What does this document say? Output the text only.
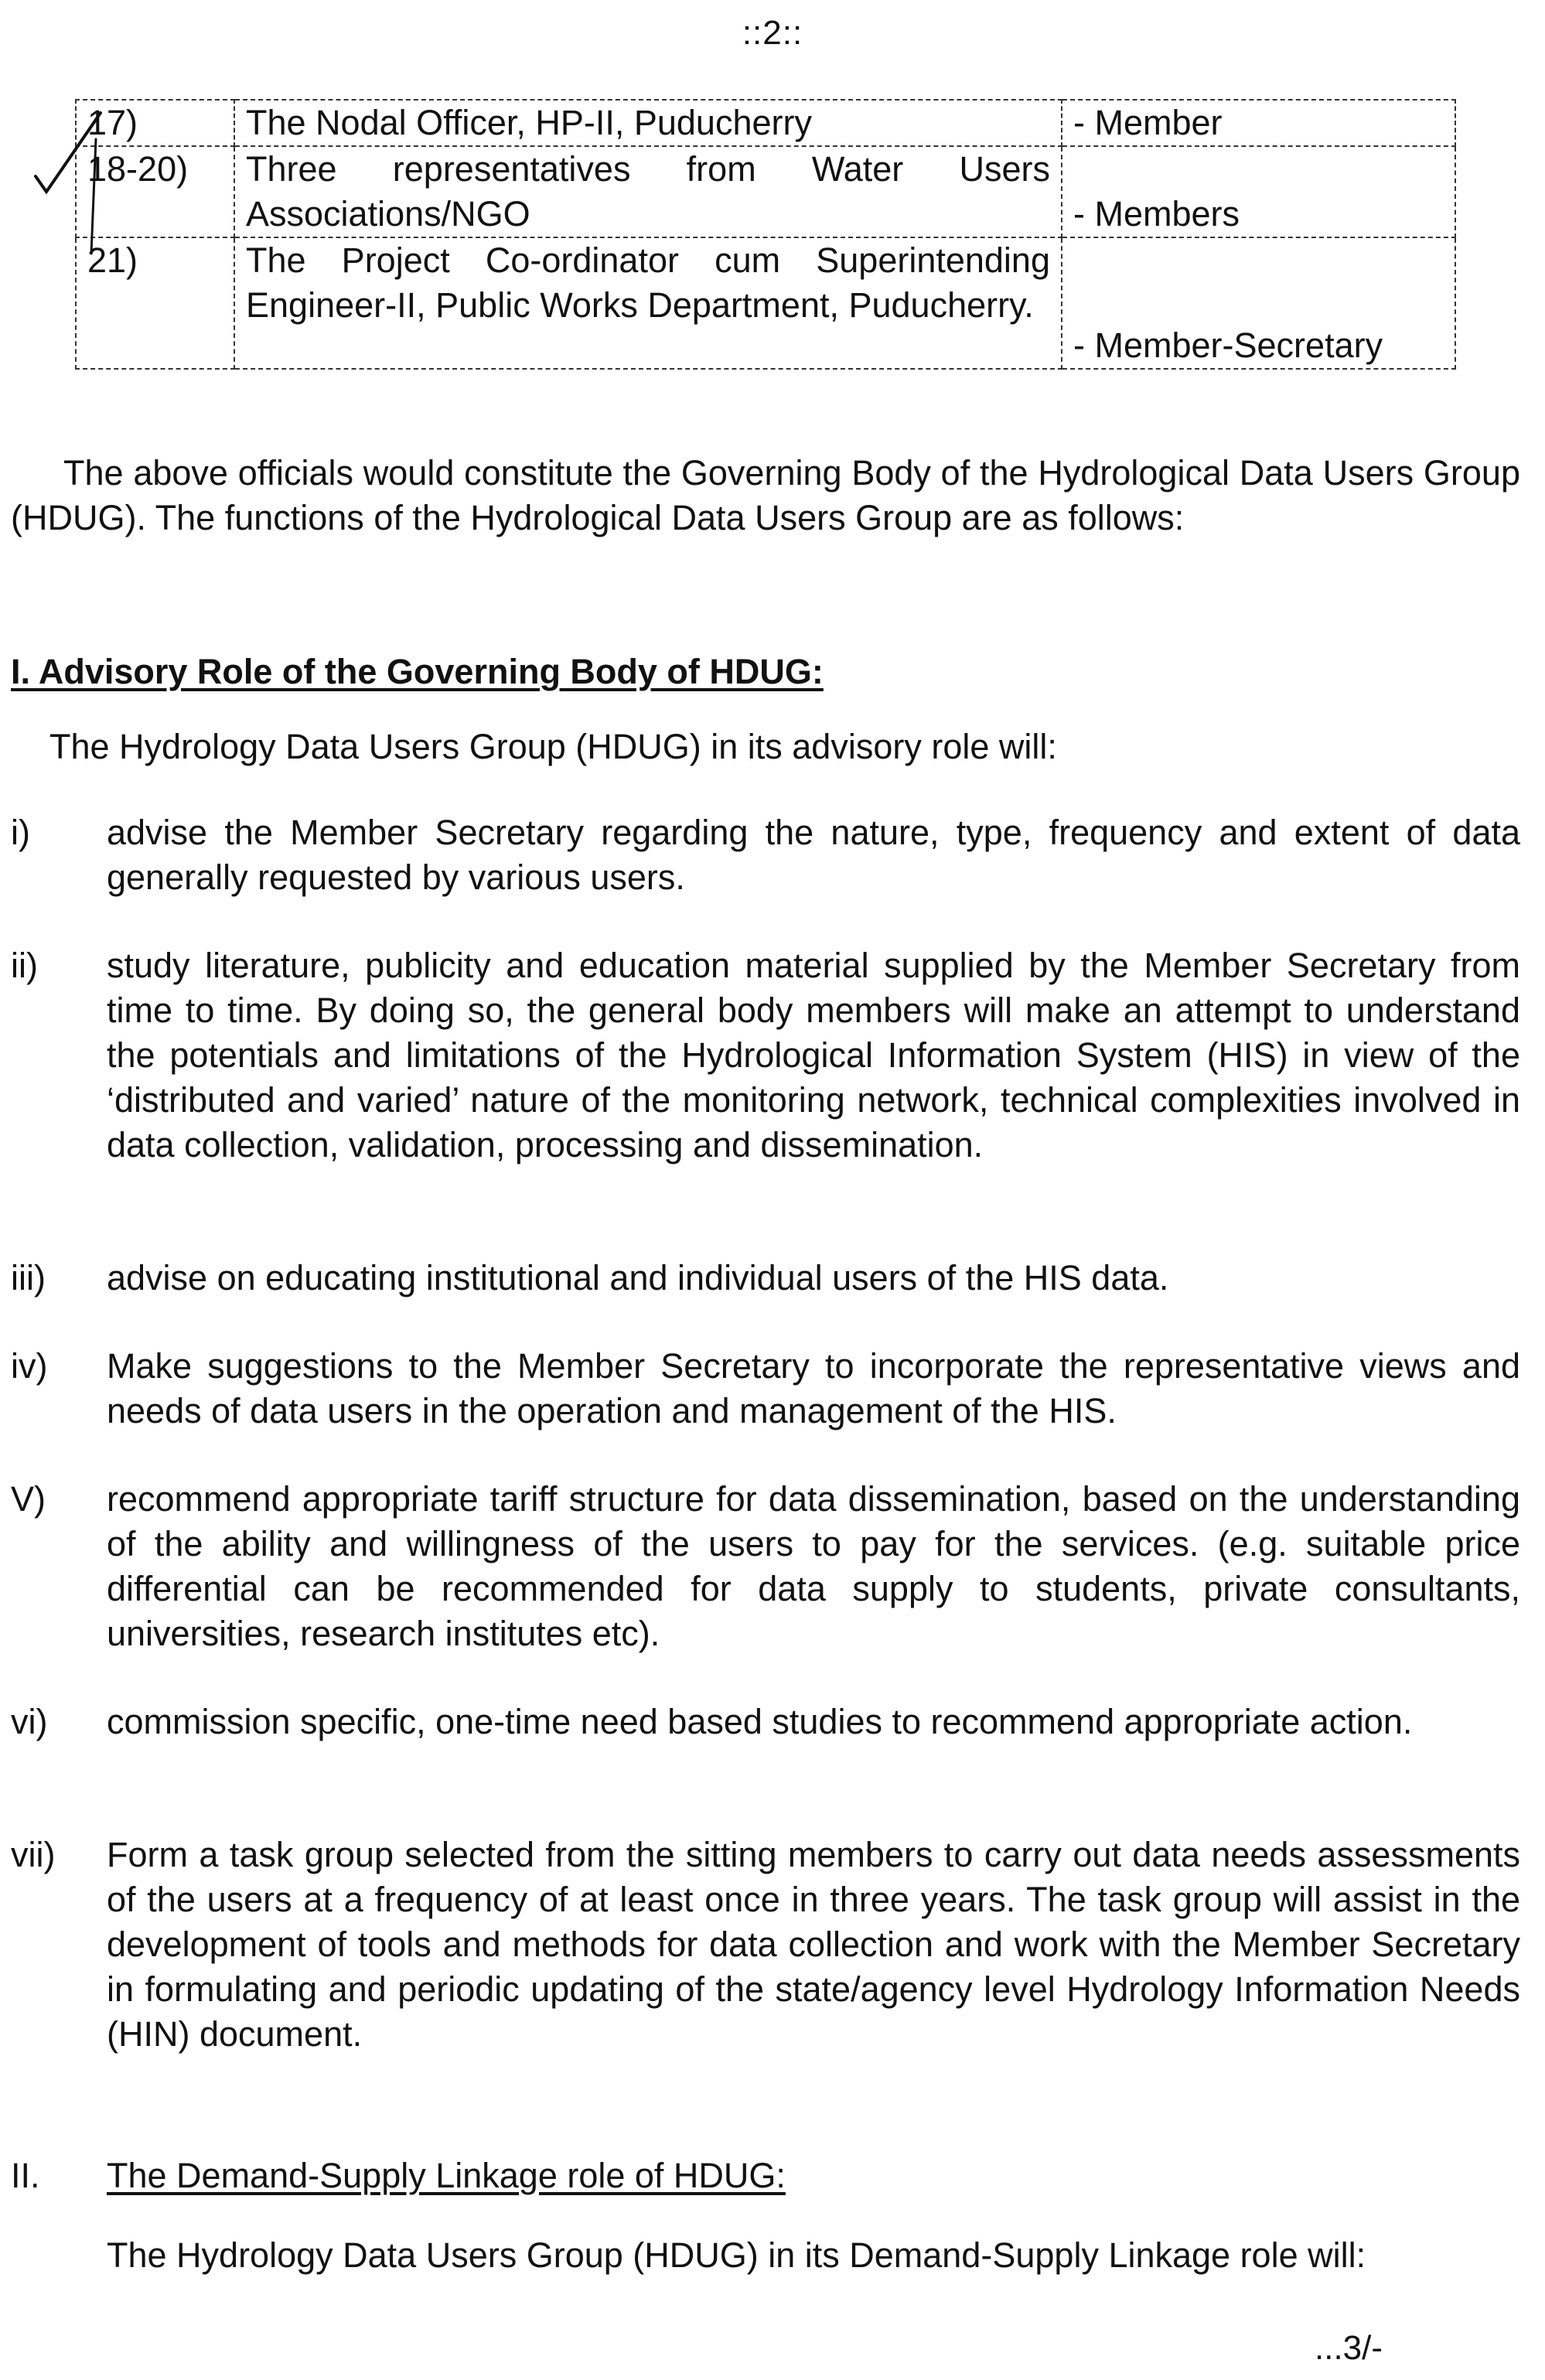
::2::
17)	The Nodal Officer, HP-II, Puducherry	- Member
18-20)	Three representatives from Water Users Associations/NGO	- Members
21)	The Project Co-ordinator cum Superintending Engineer-II, Public Works Department, Puducherry.	- Member-Secretary
The above officials would constitute the Governing Body of the Hydrological Data Users Group (HDUG). The functions of the Hydrological Data Users Group are as follows:
I. Advisory Role of the Governing Body of HDUG:
The Hydrology Data Users Group (HDUG) in its advisory role will:
i) advise the Member Secretary regarding the nature, type, frequency and extent of data generally requested by various users.
ii) study literature, publicity and education material supplied by the Member Secretary from time to time. By doing so, the general body members will make an attempt to understand the potentials and limitations of the Hydrological Information System (HIS) in view of the ‘distributed and varied’ nature of the monitoring network, technical complexities involved in data collection, validation, processing and dissemination.
iii) advise on educating institutional and individual users of the HIS data.
iv) Make suggestions to the Member Secretary to incorporate the representative views and needs of data users in the operation and management of the HIS.
V) recommend appropriate tariff structure for data dissemination, based on the understanding of the ability and willingness of the users to pay for the services. (e.g. suitable price differential can be recommended for data supply to students, private consultants, universities, research institutes etc).
vi) commission specific, one-time need based studies to recommend appropriate action.
vii) Form a task group selected from the sitting members to carry out data needs assessments of the users at a frequency of at least once in three years. The task group will assist in the development of tools and methods for data collection and work with the Member Secretary in formulating and periodic updating of the state/agency level Hydrology Information Needs (HIN) document.
II. The Demand-Supply Linkage role of HDUG:
The Hydrology Data Users Group (HDUG) in its Demand-Supply Linkage role will:
...3/-
